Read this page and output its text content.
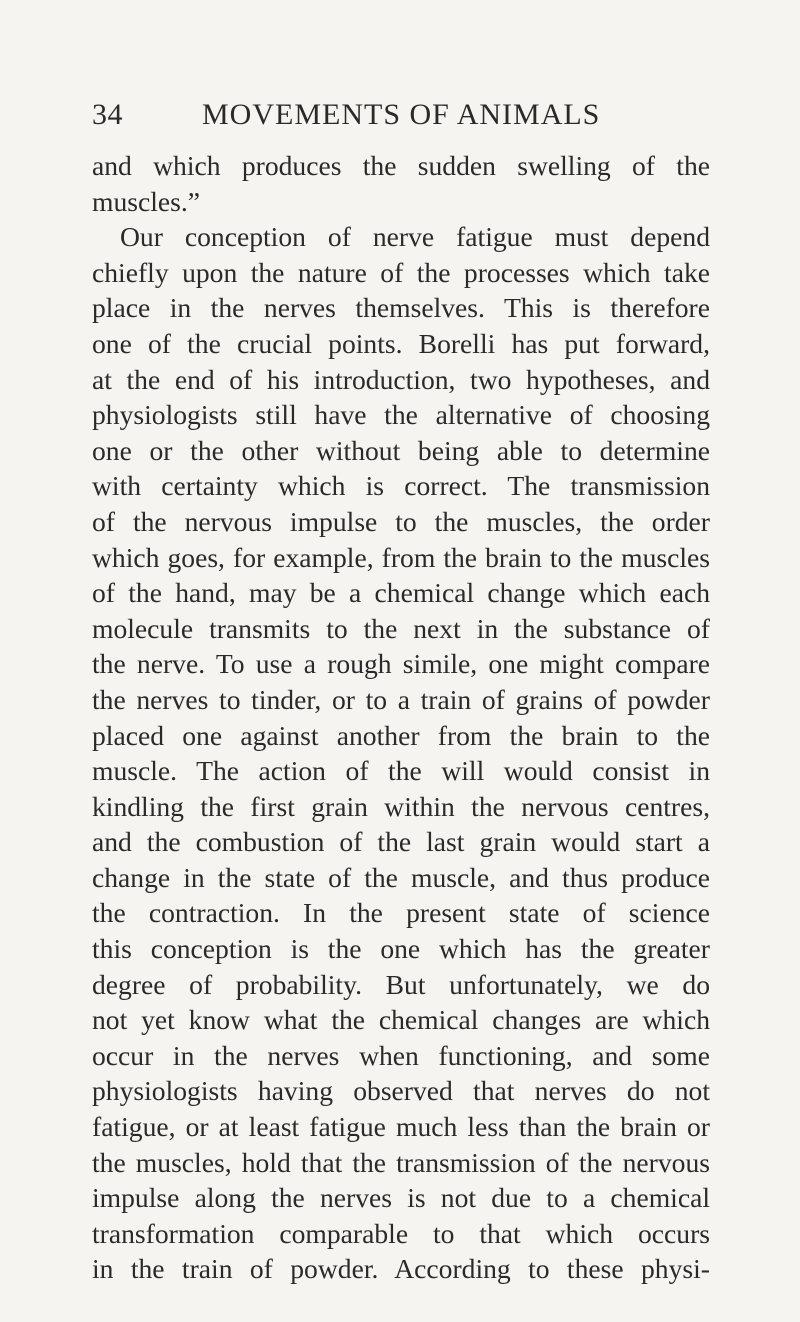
34	MOVEMENTS OF ANIMALS
and which produces the sudden swelling of the
muscles.”
Our conception of nerve fatigue must depend
chiefly upon the nature of the processes which take
place in the nerves themselves. This is therefore
one of the crucial points. Borelli has put forward,
at the end of his introduction, two hypotheses, and
physiologists still have the alternative of choosing
one or the other without being able to determine
with certainty which is correct. The transmission
of the nervous impulse to the muscles, the order
which goes, for example, from the brain to the muscles
of the hand, may be a chemical change which each
molecule transmits to the next in the substance of
the nerve. To use a rough simile, one might compare
the nerves to tinder, or to a train of grains of powder
placed one against another from the brain to the
muscle. The action of the will would consist in
kindling the first grain within the nervous centres,
and the combustion of the last grain would start a
change in the state of the muscle, and thus produce
the contraction. In the present state of science
this conception is the one which has the greater
degree of probability. But unfortunately, we do
not yet know what the chemical changes are which
occur in the nerves when functioning, and some
physiologists having observed that nerves do not
fatigue, or at least fatigue much less than the brain or
the muscles, hold that the transmission of the nervous
impulse along the nerves is not due to a chemical
transformation comparable to that which occurs
in the train of powder. According to these physi-
